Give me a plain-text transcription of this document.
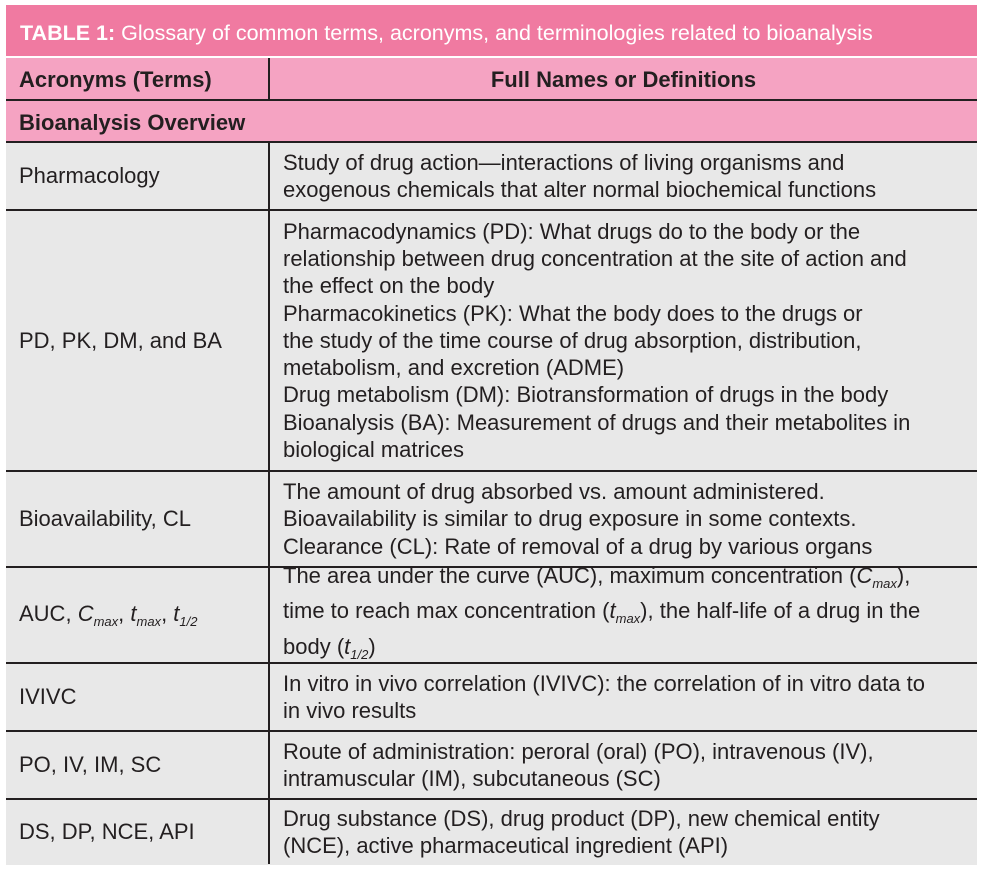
TABLE 1: Glossary of common terms, acronyms, and terminologies related to bioanalysis
Acronyms (Terms)	Full Names or Definitions
Bioanalysis Overview
Pharmacology
Study of drug action—interactions of living organisms and
exogenous chemicals that alter normal biochemical functions
PD, PK, DM, and BA
Pharmacodynamics (PD): What drugs do to the body or the
relationship between drug concentration at the site of action and
the effect on the body
Pharmacokinetics (PK): What the body does to the drugs or
the study of the time course of drug absorption, distribution,
metabolism, and excretion (ADME)
Drug metabolism (DM): Biotransformation of drugs in the body
Bioanalysis (BA): Measurement of drugs and their metabolites in
biological matrices
Bioavailability, CL
The amount of drug absorbed vs. amount administered.
Bioavailability is similar to drug exposure in some contexts.
Clearance (CL): Rate of removal of a drug by various organs
AUC, $C_{max}$, $t_{max}$, $t_{1/2}$
The area under the curve (AUC), maximum concentration $(C_{max})$,
time to reach max concentration $(t_{max})$, the half-life of a drug in the
body $(t_{1/2})$
IVIVC
In vitro in vivo correlation (IVIVC): the correlation of in vitro data to
in vivo results
PO, IV, IM, SC
Route of administration: peroral (oral) (PO), intravenous (IV),
intramuscular (IM), subcutaneous (SC)
DS, DP, NCE, API
Drug substance (DS), drug product (DP), new chemical entity
(NCE), active pharmaceutical ingredient (API)
